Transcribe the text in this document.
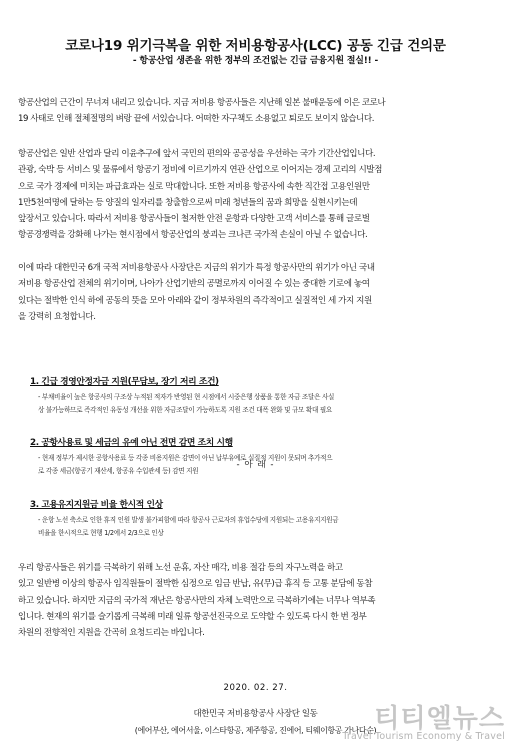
코로나19 위기극복을 위한 저비용항공사(LCC) 공동 긴급 건의문
- 항공산업 생존을 위한 정부의 조건없는 긴급 금융지원 절실!! -
항공산업의 근간이 무너져 내리고 있습니다. 지금 저비용 항공사들은 지난해 일본 불매운동에 이은 코로나
19 사태로 인해 절체절명의 벼랑 끝에 서있습니다. 어떠한 자구책도 소용없고 퇴로도 보이지 않습니다.
항공산업은 일반 산업과 달리 이윤추구에 앞서 국민의 편의와 공공성을 우선하는 국가 기간산업입니다.
관광, 숙박 등 서비스 및 물류에서 항공기 정비에 이르기까지 연관 산업으로 이어지는 경제 고리의 시발점
으로 국가 경제에 미치는 파급효과는 실로 막대합니다. 또한 저비용 항공사에 속한 직간접 고용인원만
1만5천여명에 달하는 등 양질의 일자리를 창출함으로써 미래 청년들의 꿈과 희망을 실현시키는데
앞장서고 있습니다. 따라서 저비용 항공사들이 철저한 안전 운항과 다양한 고객 서비스를 통해 글로벌
항공경쟁력을 강화해 나가는 현시점에서 항공산업의 붕괴는 크나큰 국가적 손실이 아닐 수 없습니다.
이에 따라 대한민국 6개 국적 저비용항공사 사장단은 지금의 위기가 특정 항공사만의 위기가 아닌 국내
저비용 항공산업 전체의 위기이며, 나아가 산업기반의 공멸로까지 이어질 수 있는 중대한 기로에 놓여
있다는 절박한 인식 하에 공동의 뜻을 모아 아래와 같이 정부차원의 즉각적이고 실질적인 세 가지 지원
을 강력히 요청합니다.
- 아 래 -
1. 긴급 경영안정자금 지원(무담보, 장기 저리 조건)
- 부채비율이 높은 항공사의 구조상 누적된 적자가 반영된 현 시점에서 시중은행 상품을 통한 자금 조달은 사실
상 불가능하므로 즉각적인 유동성 개선을 위한 자금조달이 가능하도록 지원 조건 대폭 완화 및 규모 확대 필요
2. 공항사용료 및 세금의 유예 아닌 전면 감면 조치 시행
- 현재 정부가 제시한 공항사용료 등 각종 비용지원은 감면이 아닌 납부유예로 실질적 지원이 못되며 추가적으
로 각종 세금(항공기 재산세, 항공유 수입관세 등) 감면 지원
3. 고용유지지원금 비율 한시적 인상
- 운항 노선 축소로 인한 휴직 인원 발생 불가피함에 따라 항공사 근로자의 휴업수당에 지원되는 고용유지지원금
비율을 한시적으로 현행 1/2에서 2/3으로 인상
우리 항공사들은 위기를 극복하기 위해 노선 운휴, 자산 매각, 비용 절감 등의 자구노력을 하고
있고 일반병 이상의 항공사 임직원들이 절박한 심정으로 임금 반납, 유(무)급 휴직 등 고통 분담에 동참
하고 있습니다. 하지만 지금의 국가적 재난은 항공사만의 자체 노력만으로 극복하기에는 너무나 역부족
입니다. 현재의 위기를 슬기롭게 극복해 미래 일류 항공선진국으로 도약할 수 있도록 다시 한 번 정부
차원의 전향적인 지원을 간곡히 요청드리는 바입니다.
2020. 02. 27.
대한민국 저비용항공사 사장단 일동
(에어부산, 에어서울, 이스타항공, 제주항공, 진에어, 티웨이항공 가나다순)
티티엘뉴스
Travel Tourism Economy & Travel
